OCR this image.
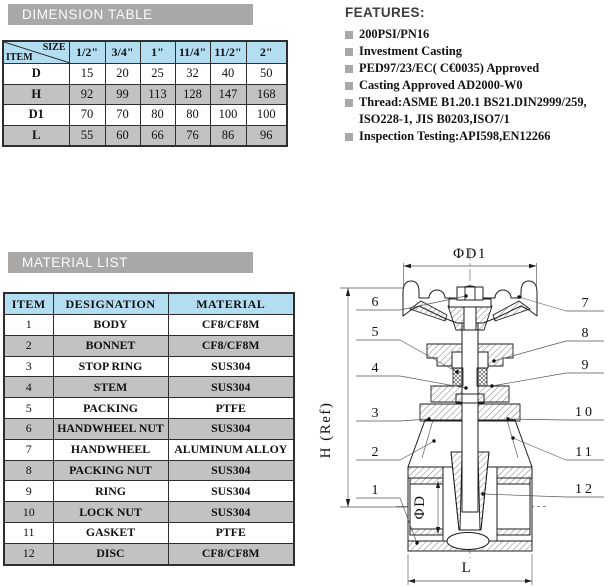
DIMENSION TABLE
SIZE
ITEM	1/2"	3/4"	1"	11/4"	11/2"	2"
D	15	20	25	32	40	50
H	92	99	113	128	147	168
D1	70	70	80	80	100	100
L	55	60	66	76	86	96
FEATURES:
200PSI/PN16
Investment Casting
PED97/23/EC( C€0035) Approved
Casting Approved AD2000-W0
Thread:ASME B1.20.1 BS21.DIN2999/259,
ISO228-1, JIS B0203,ISO7/1
Inspection Testing:API598,EN12266
MATERIAL LIST
ITEM	DESIGNATION	MATERIAL
1	BODY	CF8/CF8M
2	BONNET	CF8/CF8M
3	STOP RING	SUS304
4	STEM	SUS304
5	PACKING	PTFE
6	HANDWHEEL NUT	SUS304
7	HANDWHEEL	ALUMINUM ALLOY
8	PACKING NUT	SUS304
9	RING	SUS304
10	LOCK NUT	SUS304
11	GASKET	PTFE
12	DISC	CF8/CF8M
ΦD1
H (Ref)
ΦD
L
6
5
4
3
2
1
7
8
9
10
11
12
